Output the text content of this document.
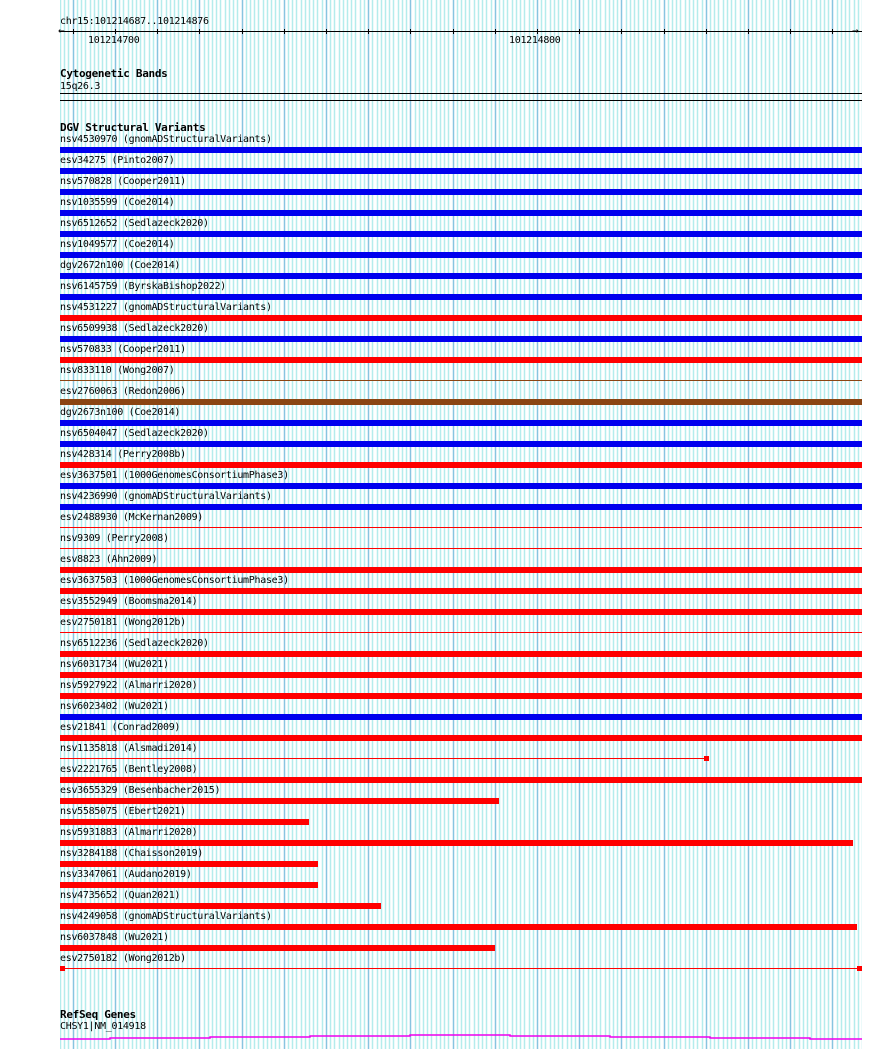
chr15:101214687..101214876
←	→
101214700	101214800
Cytogenetic Bands
15q26.3
DGV Structural Variants
nsv4530970 (gnomADStructuralVariants)
esv34275 (Pinto2007)
nsv570828 (Cooper2011)
nsv1035599 (Coe2014)
nsv6512652 (Sedlazeck2020)
nsv1049577 (Coe2014)
dgv2672n100 (Coe2014)
nsv6145759 (ByrskaBishop2022)
nsv4531227 (gnomADStructuralVariants)
nsv6509938 (Sedlazeck2020)
nsv570833 (Cooper2011)
nsv833110 (Wong2007)
esv2760063 (Redon2006)
dgv2673n100 (Coe2014)
nsv6504047 (Sedlazeck2020)
nsv428314 (Perry2008b)
esv3637501 (1000GenomesConsortiumPhase3)
nsv4236990 (gnomADStructuralVariants)
esv2488930 (McKernan2009)
nsv9309 (Perry2008)
esv8823 (Ahn2009)
esv3637503 (1000GenomesConsortiumPhase3)
esv3552949 (Boomsma2014)
esv2750181 (Wong2012b)
nsv6512236 (Sedlazeck2020)
nsv6031734 (Wu2021)
nsv5927922 (Almarri2020)
nsv6023402 (Wu2021)
esv21841 (Conrad2009)
nsv1135818 (Alsmadi2014)
esv2221765 (Bentley2008)
esv3655329 (Besenbacher2015)
nsv5585075 (Ebert2021)
nsv5931883 (Almarri2020)
nsv3284188 (Chaisson2019)
nsv3347061 (Audano2019)
nsv4735652 (Quan2021)
nsv4249058 (gnomADStructuralVariants)
nsv6037848 (Wu2021)
esv2750182 (Wong2012b)
RefSeq Genes
CHSY1|NM_014918
